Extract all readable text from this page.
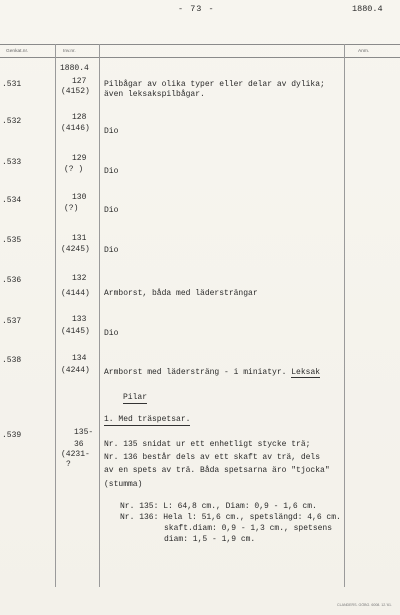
- 73 -	1880.4
Genkat.nr.	Inv.nr.	Anm.
1880.4
.531	127
(4152)
Pilbågar av olika typer eller delar av dylika;
även leksakspilbågar.
.532	128
(4146) Dio
.533	129
(? )	Dio
.534	130
(?)	Dio
.535	131
(4245) Dio
.536	132
(4144) Armborst, båda med lädersträngar
.537	133
(4145) Dio
.538	134
(4244) Armborst med lädersträng - i miniatyr. Leksak
Pilar
1. Med träspetsar.
.539	135-
36
(4231-
?
Nr. 135 snidat ur ett enhetligt stycke trä;
Nr. 136 består dels av ett skaft av trä, dels
av en spets av trä. Båda spetsarna äro "tjocka"
(stumma)
Nr. 135: L: 64,8 cm., Diam: 0,9 - 1,6 cm.
Nr. 136: Hela l: 51,6 cm., spetslängd: 4,6 cm.
skaft.diam: 0,9 - 1,3 cm., spetsens
diam: 1,5 - 1,9 cm.
CLANDERS. GÖBG. 6008. 12.'61.
